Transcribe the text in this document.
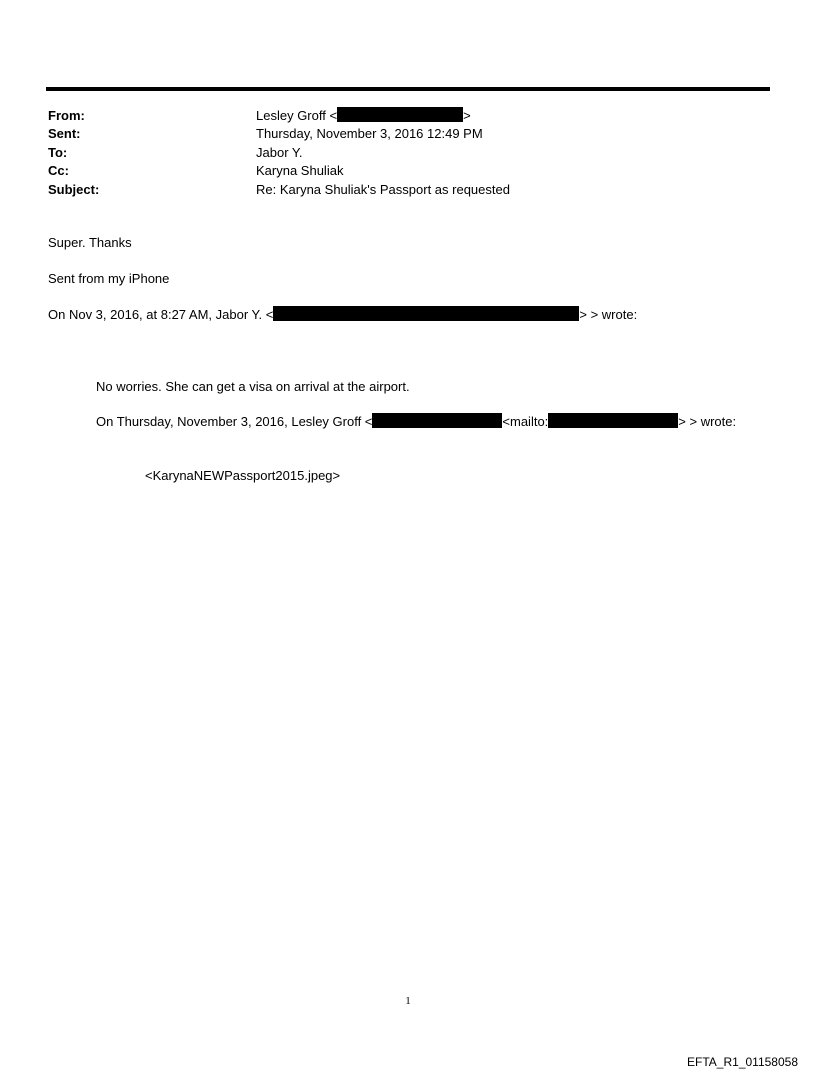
From:	Lesley Groff <	>
Sent:	Thursday, November 3, 2016 12:49 PM
To:	Jabor Y.
Cc:	Karyna Shuliak
Subject:	Re: Karyna Shuliak's Passport as requested
Super. Thanks
Sent from my iPhone
On Nov 3, 2016, at 8:27 AM, Jabor Y. <	> > wrote:
No worries. She can get a visa on arrival at the airport.
On Thursday, November 3, 2016, Lesley Groff <	<mailto:	> > wrote:
<KarynaNEWPassport2015.jpeg>
1
EFTA_R1_01158058
